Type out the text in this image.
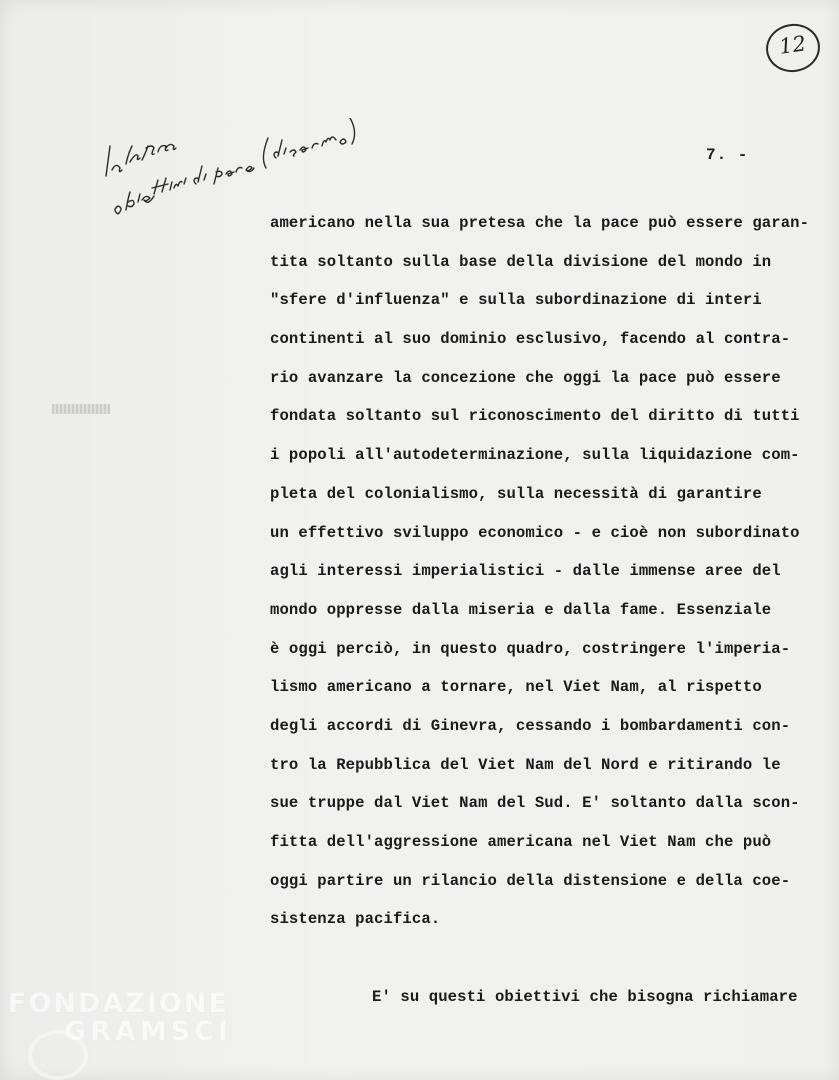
12
7. -
americano nella sua pretesa che la pace può essere garan-
tita soltanto sulla base della divisione del mondo in
"sfere d'influenza" e sulla subordinazione di interi
continenti al suo dominio esclusivo, facendo al contra-
rio avanzare la concezione che oggi la pace può essere
fondata soltanto sul riconoscimento del diritto di tutti
i popoli all'autodeterminazione, sulla liquidazione com-
pleta del colonialismo, sulla necessità di garantire
un effettivo sviluppo economico - e cioè non subordinato
agli interessi imperialistici - dalle immense aree del
mondo oppresse dalla miseria e dalla fame. Essenziale
è oggi perciò, in questo quadro, costringere l'imperia-
lismo americano a tornare, nel Viet Nam, al rispetto
degli accordi di Ginevra, cessando i bombardamenti con-
tro la Repubblica del Viet Nam del Nord e ritirando le
sue truppe dal Viet Nam del Sud. E' soltanto dalla scon-
fitta dell'aggressione americana nel Viet Nam che può
oggi partire un rilancio della distensione e della coe-
sistenza pacifica.
E' su questi obiettivi che bisogna richiamare
FONDAZIONE
GRAMSCI
